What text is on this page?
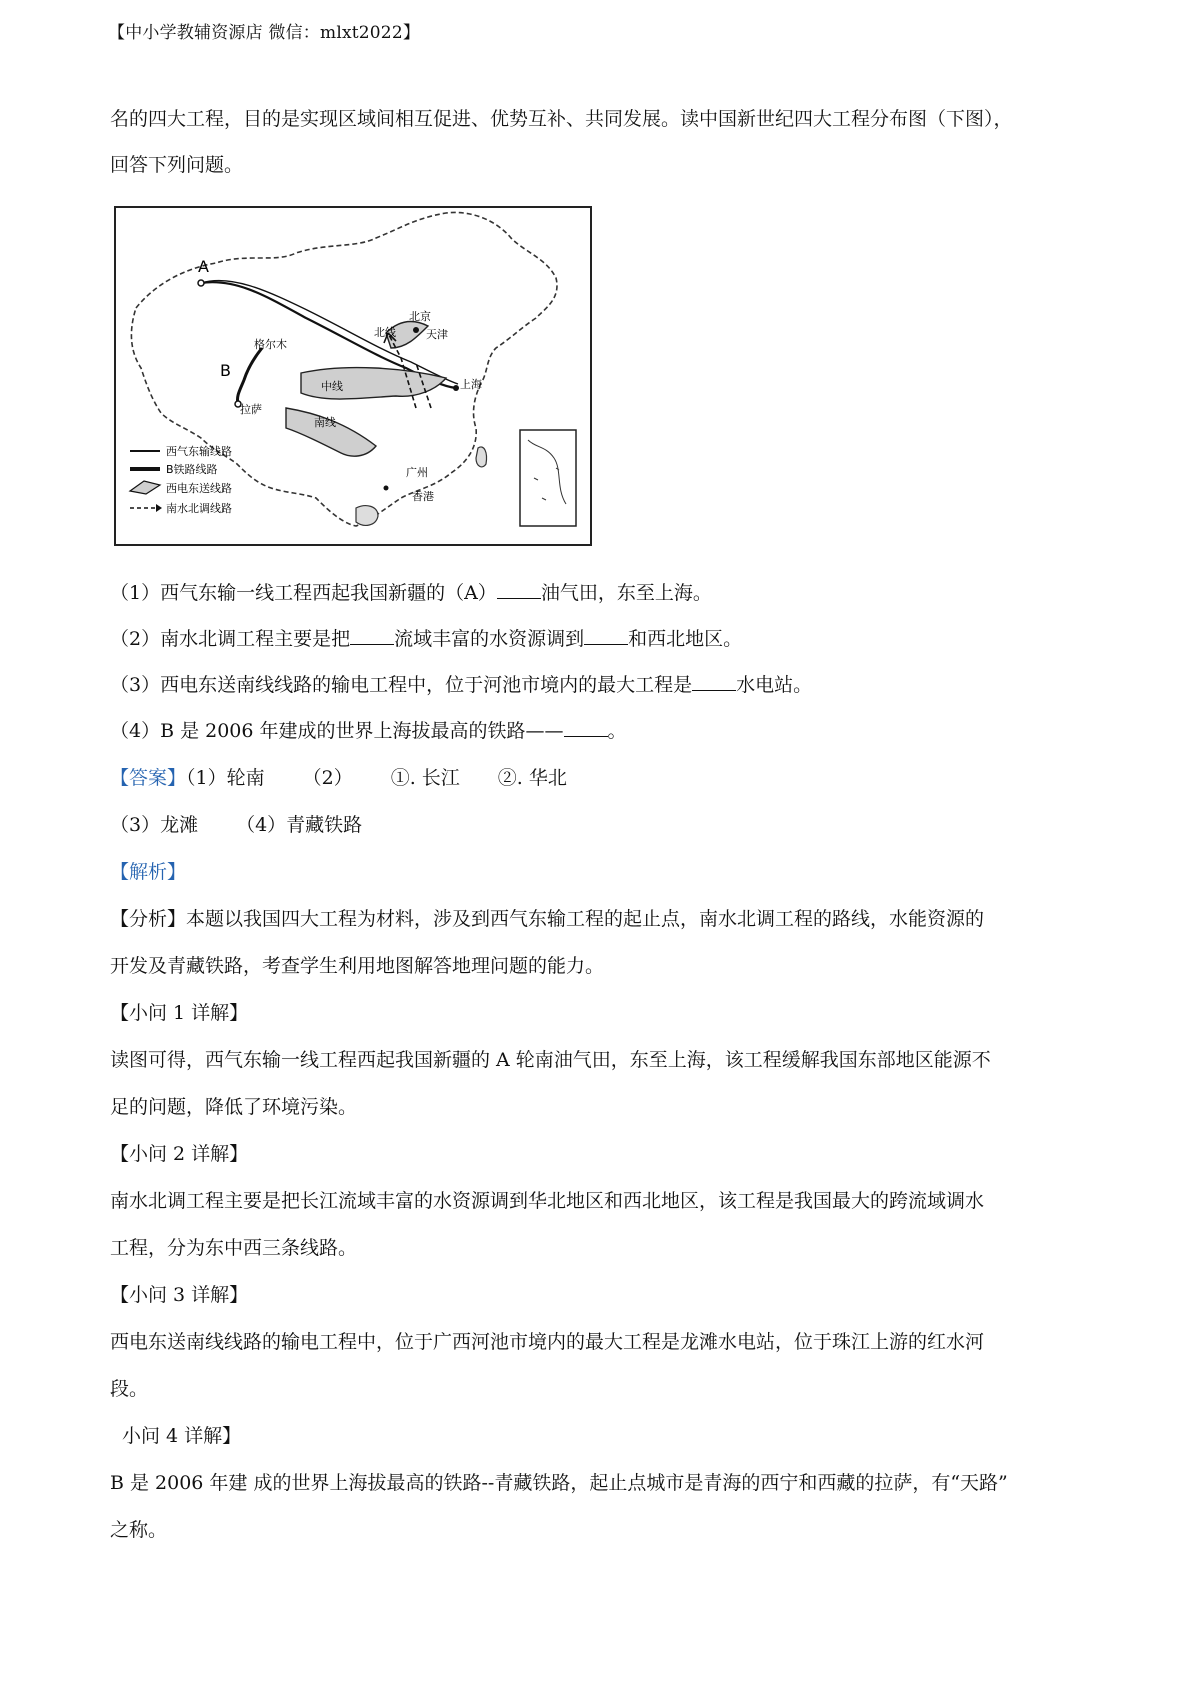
【中小学教辅资源店 微信：mlxt2022】
名的四大工程，目的是实现区域间相互促进、优势互补、共同发展。读中国新世纪四大工程分布图（下图），
回答下列问题。
A
B
格尔木
拉萨
北京
天津
北线
中线
南线
上海
广州
香港
西气东输线路
B铁路线路
西电东送线路
南水北调线路
（1）西气东输一线工程西起我国新疆的（A） 油气田，东至上海。
（2）南水北调工程主要是把 流域丰富的水资源调到 和西北地区。
（3）西电东送南线线路的输电工程中，位于河池市境内的最大工程是 水电站。
（4）B 是 2006 年建成的世界上海拔最高的铁路—— 。
【答案】（1）轮南 （2） ①. 长江 ②. 华北
（3）龙滩 （4）青藏铁路
【解析】
【分析】本题以我国四大工程为材料，涉及到西气东输工程的起止点，南水北调工程的路线，水能资源的
开发及青藏铁路，考查学生利用地图解答地理问题的能力。
【小问 1 详解】
读图可得，西气东输一线工程西起我国新疆的 A 轮南油气田，东至上海，该工程缓解我国东部地区能源不
足的问题，降低了环境污染。
【小问 2 详解】
南水北调工程主要是把长江流域丰富的水资源调到华北地区和西北地区，该工程是我国最大的跨流域调水
工程，分为东中西三条线路。
【小问 3 详解】
西电东送南线线路的输电工程中，位于广西河池市境内的最大工程是龙滩水电站，位于珠江上游的红水河
段。
小问 4 详解】
B 是 2006 年建 成的世界上海拔最高的铁路--青藏铁路，起止点城市是青海的西宁和西藏的拉萨，有“天路”
之称。
